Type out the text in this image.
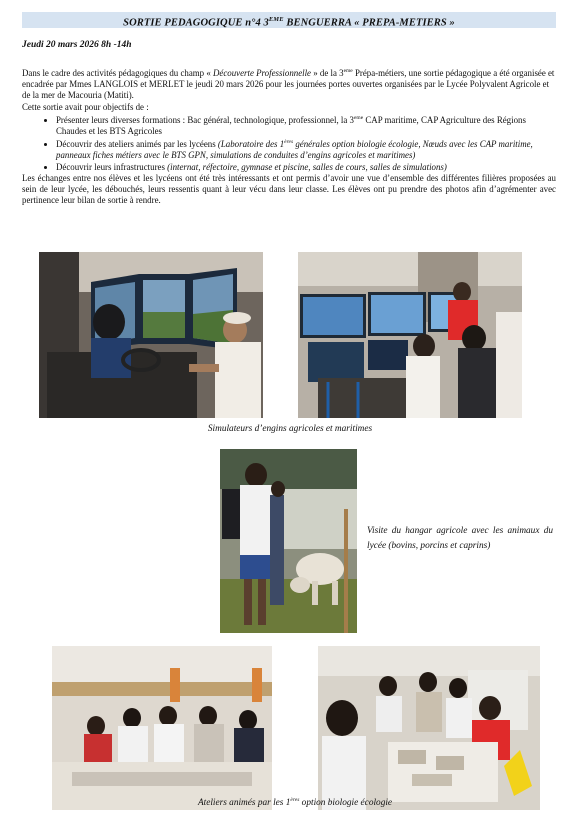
SORTIE PEDAGOGIQUE n°4 3EME BENGUERRA « PREPA-METIERS »
Jeudi 20 mars 2026 8h -14h

Dans le cadre des activités pédagogiques du champ « Découverte Professionnelle » de la 3eme Prépa-métiers, une sortie pédagogique a été organisée et encadrée par Mmes LANGLOIS et MERLET le jeudi 20 mars 2026 pour les journées portes ouvertes organisées par le Lycée Polyvalent Agricole et de la mer de Macouria (Matiti).

Cette sortie avait pour objectifs de :

• Présenter leurs diverses formations : Bac général, technologique, professionnel, la 3eme CAP maritime, CAP Agriculture des Régions Chaudes et les BTS Agricoles
• Découvrir des ateliers animés par les lycéens (Laboratoire des 1ères générales option biologie écologie, Nœuds avec les CAP maritime, panneaux fiches métiers avec le BTS GPN, simulations de conduites d’engins agricoles et maritimes)
• Découvrir leurs infrastructures (internat, réfectoire, gymnase et piscine, salles de cours, salles de simulations)

Les échanges entre nos élèves et les lycéens ont été très intéressants et ont permis d’avoir une vue d’ensemble des différentes filières proposées au sein de leur lycée, les débouchés, leurs ressentis quant à leur vécu dans leur classe. Les élèves ont pu prendre des photos afin d’agrémenter avec pertinence leur bilan de sortie à rendre.

Simulateurs d’engins agricoles et maritimes
Visite du hangar agricole avec les animaux du lycée (bovins, porcins et caprins)
Ateliers animés par les 1ères option biologie écologie
